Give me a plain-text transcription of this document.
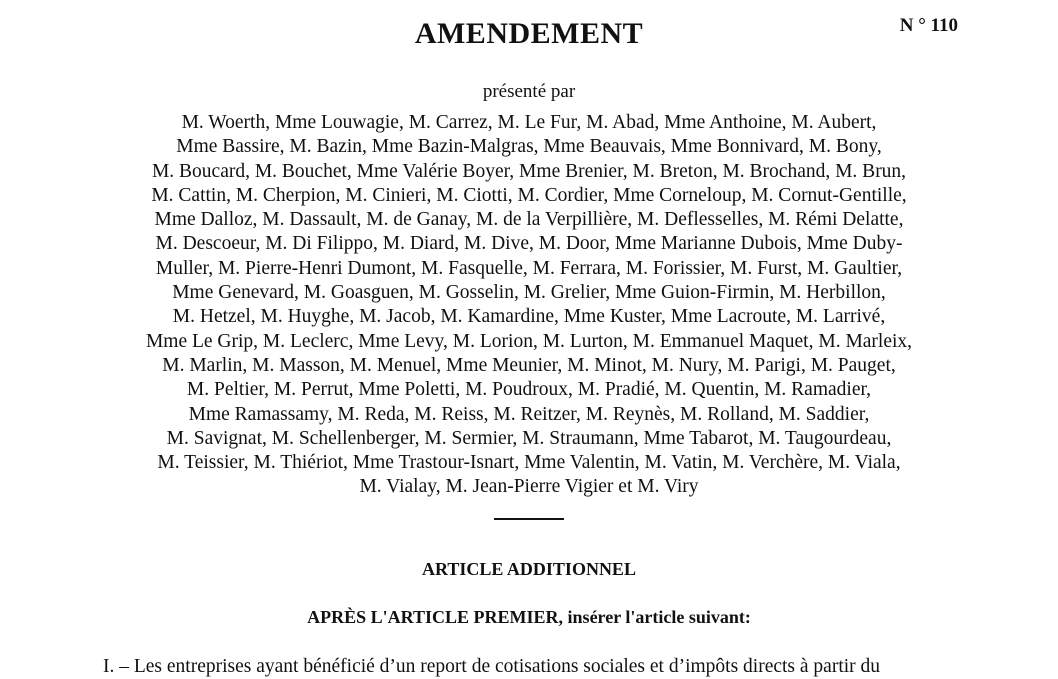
AMENDEMENT	N ° 110
présenté par
M. Woerth, Mme Louwagie, M. Carrez, M. Le Fur, M. Abad, Mme Anthoine, M. Aubert,
Mme Bassire, M. Bazin, Mme Bazin-Malgras, Mme Beauvais, Mme Bonnivard, M. Bony,
M. Boucard, M. Bouchet, Mme Valérie Boyer, Mme Brenier, M. Breton, M. Brochand, M. Brun,
M. Cattin, M. Cherpion, M. Cinieri, M. Ciotti, M. Cordier, Mme Corneloup, M. Cornut-Gentille,
Mme Dalloz, M. Dassault, M. de Ganay, M. de la Verpillière, M. Deflesselles, M. Rémi Delatte,
M. Descoeur, M. Di Filippo, M. Diard, M. Dive, M. Door, Mme Marianne Dubois, Mme Duby-
Muller, M. Pierre-Henri Dumont, M. Fasquelle, M. Ferrara, M. Forissier, M. Furst, M. Gaultier,
Mme Genevard, M. Goasguen, M. Gosselin, M. Grelier, Mme Guion-Firmin, M. Herbillon,
M. Hetzel, M. Huyghe, M. Jacob, M. Kamardine, Mme Kuster, Mme Lacroute, M. Larrivé,
Mme Le Grip, M. Leclerc, Mme Levy, M. Lorion, M. Lurton, M. Emmanuel Maquet, M. Marleix,
M. Marlin, M. Masson, M. Menuel, Mme Meunier, M. Minot, M. Nury, M. Parigi, M. Pauget,
M. Peltier, M. Perrut, Mme Poletti, M. Poudroux, M. Pradié, M. Quentin, M. Ramadier,
Mme Ramassamy, M. Reda, M. Reiss, M. Reitzer, M. Reynès, M. Rolland, M. Saddier,
M. Savignat, M. Schellenberger, M. Sermier, M. Straumann, Mme Tabarot, M. Taugourdeau,
M. Teissier, M. Thiériot, Mme Trastour-Isnart, Mme Valentin, M. Vatin, M. Verchère, M. Viala,
M. Vialay, M. Jean-Pierre Vigier et M. Viry
ARTICLE ADDITIONNEL
APRÈS L'ARTICLE PREMIER, insérer l'article suivant:
I. – Les entreprises ayant bénéficié d’un report de cotisations sociales et d’impôts directs à partir du
